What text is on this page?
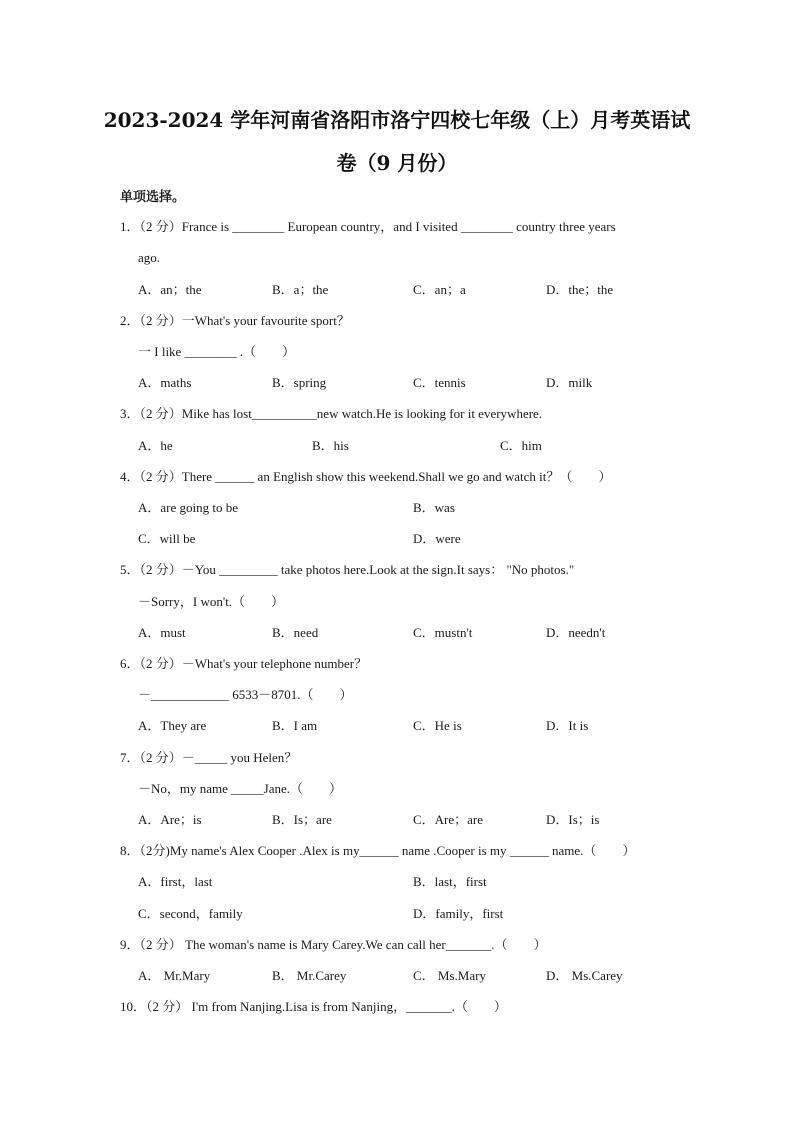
2023-2024 学年河南省洛阳市洛宁四校七年级（上）月考英语试
卷（9 月份）
单项选择。
1．（2 分）France is ________ European country，and I visited ________ country three years
ago.
A．an；the	B．a；the	C．an；a	D．the；the
2．（2 分）一What's your favourite sport？
一 I like ________ .（　　）
A．maths	B．spring	C．tennis	D．milk
3．（2 分）Mike has lost__________new watch.He is looking for it everywhere.
A．he	B．his	C．him
4．（2 分）There ______ an English show this weekend.Shall we go and watch it？（　　）
A．are going to be	B．was
C．will be	D．were
5．（2 分）－You _________ take photos here.Look at the sign.It says： "No photos."
－Sorry，I won't.（　　）
A．must	B．need	C．mustn't	D．needn't
6．（2 分）－What's your telephone number？
－____________ 6533－8701.（　　）
A．They are	B．I am	C．He is	D．It is
7．（2 分）－_____ you Helen？
－No，my name _____Jane.（　　）
A．Are；is	B．Is；are	C．Are；are	D．Is；is
8．（2分)My name's Alex Cooper .Alex is my______ name .Cooper is my ______ name.（　　）
A．first，last	B．last，first
C．second，family	D．family，first
9．（2 分） The woman's name is Mary Carey.We can call her_______.（　　）
A． Mr.Mary	B． Mr.Carey	C． Ms.Mary	D． Ms.Carey
10．（2 分） I'm from Nanjing.Lisa is from Nanjing，_______.（　　）
